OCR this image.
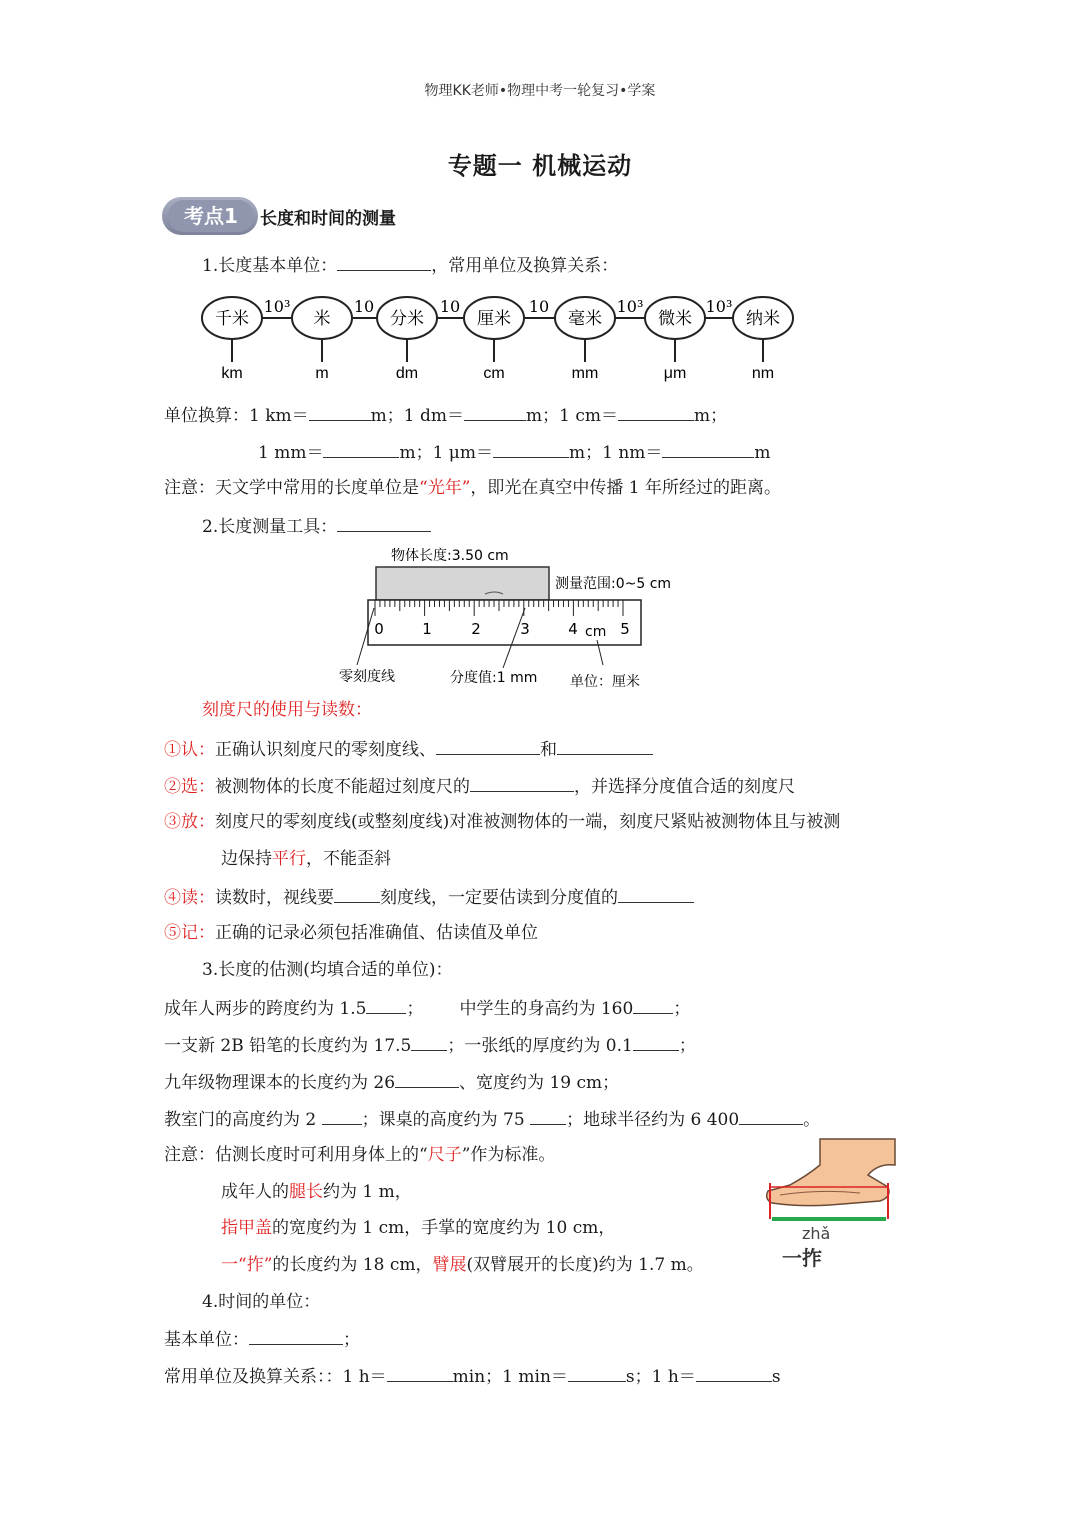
物理KK老师•物理中考一轮复习•学案
专题一 机械运动
考点1	长度和时间的测量
1.长度基本单位：	，常用单位及换算关系：
千米	米	分米	厘米	毫米	微米	纳米
10³	10	10	10	10³	10³
km	m	dm	cm	mm	μm	nm
单位换算：1 km＝	m；1 dm＝	m；1 cm＝	m；
1 mm＝	m；1 μm＝	m；1 nm＝	m
注意：天文学中常用的长度单位是“光年”，即光在真空中传播 1 年所经过的距离。
2.长度测量工具：
物体长度:3.50 cm
测量范围:0~5 cm
0	1	2	3	4	5
cm
零刻度线	分度值:1 mm 单位：厘米
刻度尺的使用与读数：
①认：正确认识刻度尺的零刻度线、	和
②选：被测物体的长度不能超过刻度尺的	，并选择分度值合适的刻度尺
③放：刻度尺的零刻度线(或整刻度线)对准被测物体的一端，刻度尺紧贴被测物体且与被测
边保持平行，不能歪斜
④读：读数时，视线要	刻度线，一定要估读到分度值的
⑤记：正确的记录必须包括准确值、估读值及单位
3.长度的估测(均填合适的单位)：
成年人两步的跨度约为 1.5 ； 中学生的身高约为 160 ；
一支新 2B 铅笔的长度约为 17.5 ；一张纸的厚度约为 0.1	；
九年级物理课本的长度约为 26	、宽度约为 19 cm；
教室门的高度约为 2 ；课桌的高度约为 75 ；地球半径约为 6 400	。
注意：估测长度时可利用身体上的“尺子”作为标准。
成年人的腿长约为 1 m，
指甲盖的宽度约为 1 cm，手掌的宽度约为 10 cm，
一“拃”的长度约为 18 cm，臂展(双臂展开的长度)约为 1.7 m。
zhǎ
一拃
4.时间的单位：
基本单位：	；
常用单位及换算关系：：1 h＝	min；1 min＝	s；1 h＝	s
